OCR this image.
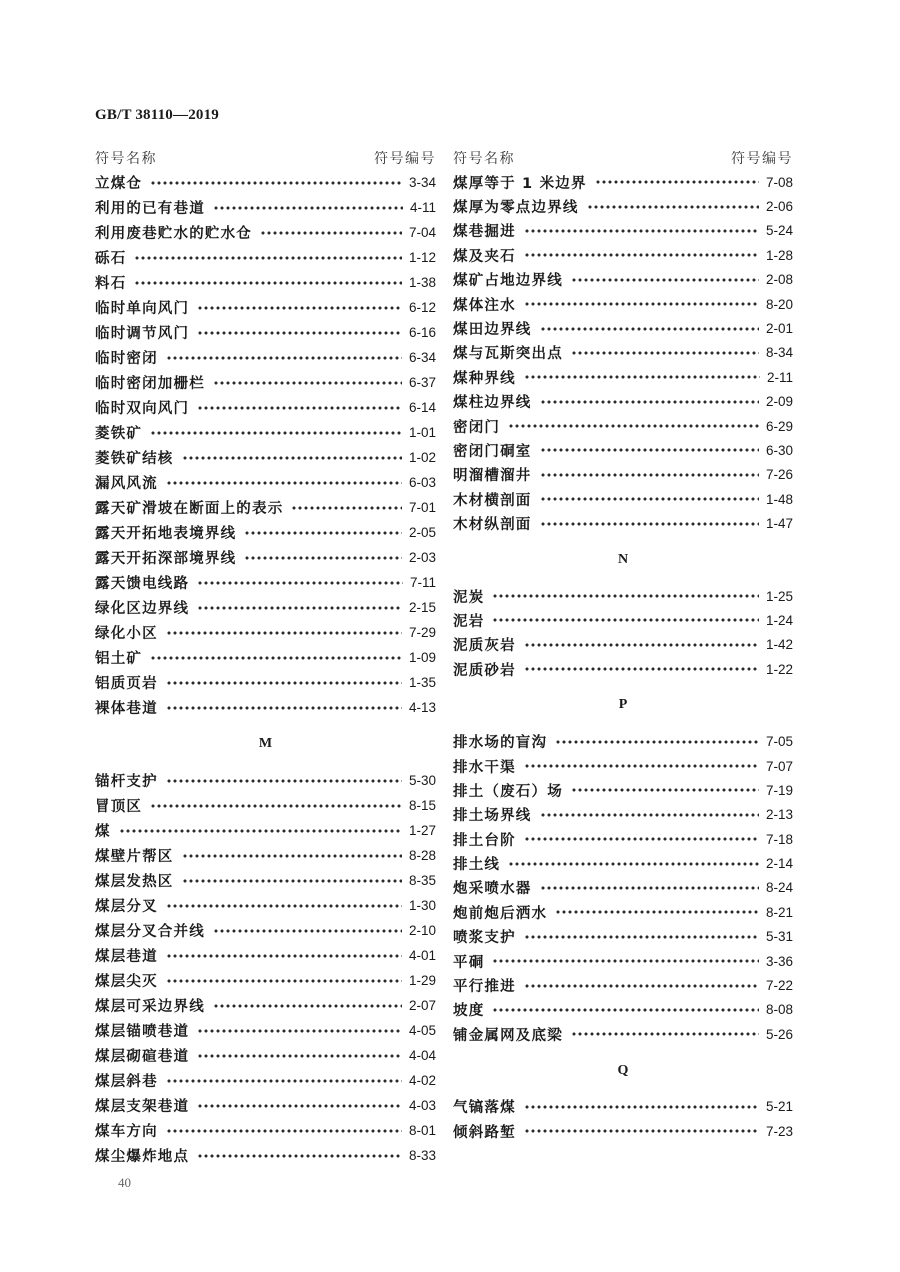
GB/T 38110—2019
符号名称	符号编号
立煤仓	3-34
利用的已有巷道	4-11
利用废巷贮水的贮水仓	7-04
砾石	1-12
料石	1-38
临时单向风门	6-12
临时调节风门	6-16
临时密闭	6-34
临时密闭加栅栏	6-37
临时双向风门	6-14
菱铁矿	1-01
菱铁矿结核	1-02
漏风风流	6-03
露天矿滑坡在断面上的表示	7-01
露天开拓地表境界线	2-05
露天开拓深部境界线	2-03
露天馈电线路	7-11
绿化区边界线	2-15
绿化小区	7-29
铝土矿	1-09
铝质页岩	1-35
裸体巷道	4-13
M
锚杆支护	5-30
冒顶区	8-15
煤	1-27
煤壁片帮区	8-28
煤层发热区	8-35
煤层分叉	1-30
煤层分叉合并线	2-10
煤层巷道	4-01
煤层尖灭	1-29
煤层可采边界线	2-07
煤层锚喷巷道	4-05
煤层砌碹巷道	4-04
煤层斜巷	4-02
煤层支架巷道	4-03
煤车方向	8-01
煤尘爆炸地点	8-33
符号名称	符号编号
煤厚等于 1 米边界	7-08
煤厚为零点边界线	2-06
煤巷掘进	5-24
煤及夹石	1-28
煤矿占地边界线	2-08
煤体注水	8-20
煤田边界线	2-01
煤与瓦斯突出点	8-34
煤种界线	2-11
煤柱边界线	2-09
密闭门	6-29
密闭门硐室	6-30
明溜槽溜井	7-26
木材横剖面	1-48
木材纵剖面	1-47
N
泥炭	1-25
泥岩	1-24
泥质灰岩	1-42
泥质砂岩	1-22
P
排水场的盲沟	7-05
排水干渠	7-07
排土（废石）场	7-19
排土场界线	2-13
排土台阶	7-18
排土线	2-14
炮采喷水器	8-24
炮前炮后洒水	8-21
喷浆支护	5-31
平硐	3-36
平行推进	7-22
坡度	8-08
铺金属网及底梁	5-26
Q
气镐落煤	5-21
倾斜路堑	7-23
40
